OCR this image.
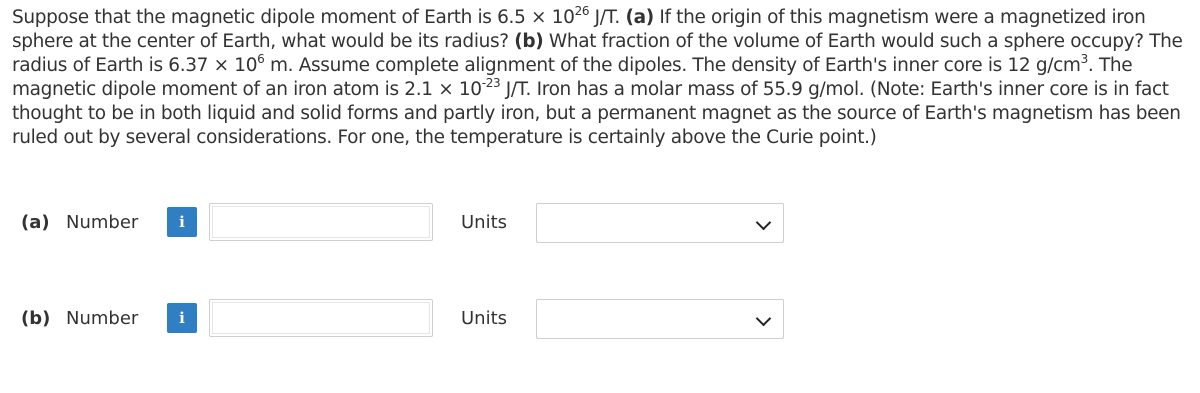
Suppose that the magnetic dipole moment of Earth is $6.5 \times 10^{26}$ J/T. (a) If the origin of this magnetism were a magnetized iron sphere at the center of Earth, what would be its radius? (b) What fraction of the volume of Earth would such a sphere occupy? The radius of Earth is $6.37 \times 10^6$ m. Assume complete alignment of the dipoles. The density of Earth's inner core is 12 $g/cm^3$. The magnetic dipole moment of an iron atom is $2.1 \times 10^{-23}$ J/T. Iron has a molar mass of 55.9 g/mol. (Note: Earth's inner core is in fact thought to be in both liquid and solid forms and partly iron, but a permanent magnet as the source of Earth's magnetism has been ruled out by several considerations. For one, the temperature is certainly above the Curie point.)
(a) Number	i	Units
(b) Number	i	Units
